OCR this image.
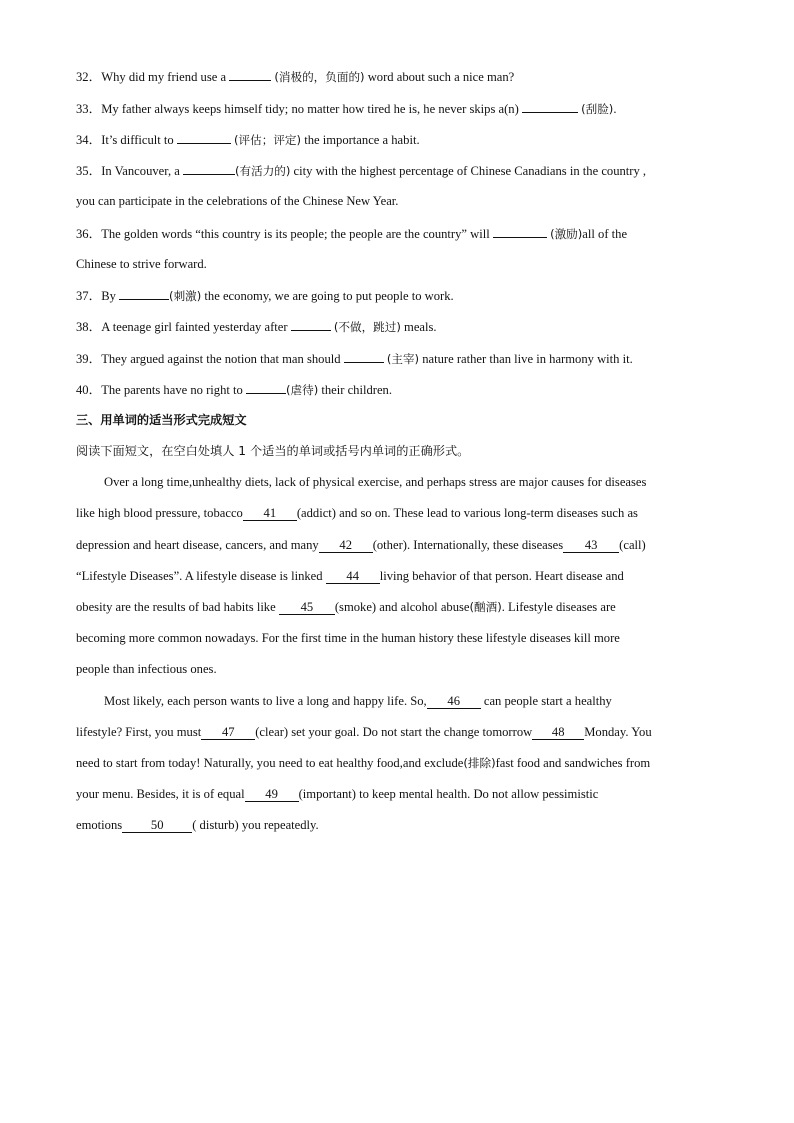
32．Why did my friend use a	(消极的，负面的) word about such a nice man?
33．My father always keeps himself tidy; no matter how tired he is, he never skips a(n)	(刮脸).
34．It’s difficult to	(评估；评定) the importance a habit.
35．In Vancouver, a	(有活力的) city with the highest percentage of Chinese Canadians in the country ,
you can participate in the celebrations of the Chinese New Year.
36．The golden words “this country is its people; the people are the country” will	(激励)all of the
Chinese to strive forward.
37．By	(刺激) the economy, we are going to put people to work.
38．A teenage girl fainted yesterday after	(不做，跳过) meals.
39．They argued against the notion that man should	(主宰) nature rather than live in harmony with it.
40．The parents have no right to	(虐待) their children.
三、用单词的适当形式完成短文
阅读下面短文，在空白处填人 1 个适当的单词或括号内单词的正确形式。
Over a long time,unhealthy diets, lack of physical exercise, and perhaps stress are major causes for diseases
like high blood pressure, tobacco 41 (addict) and so on. These lead to various long-term diseases such as
depression and heart disease, cancers, and many 42 (other). Internationally, these diseases 43 (call)
“Lifestyle Diseases”. A lifestyle disease is linked 44 living behavior of that person. Heart disease and
obesity are the results of bad habits like 45 (smoke) and alcohol abuse(酗酒). Lifestyle diseases are
becoming more common nowadays. For the first time in the human history these lifestyle diseases kill more
people than infectious ones.
Most likely, each person wants to live a long and happy life. So, 46 can people start a healthy
lifestyle? First, you must 47 (clear) set your goal. Do not start the change tomorrow 48 Monday. You
need to start from today! Naturally, you need to eat healthy food,and exclude(排除)fast food and sandwiches from
your menu. Besides, it is of equal 49 (important) to keep mental health. Do not allow pessimistic
emotions 50 ( disturb) you repeatedly.
